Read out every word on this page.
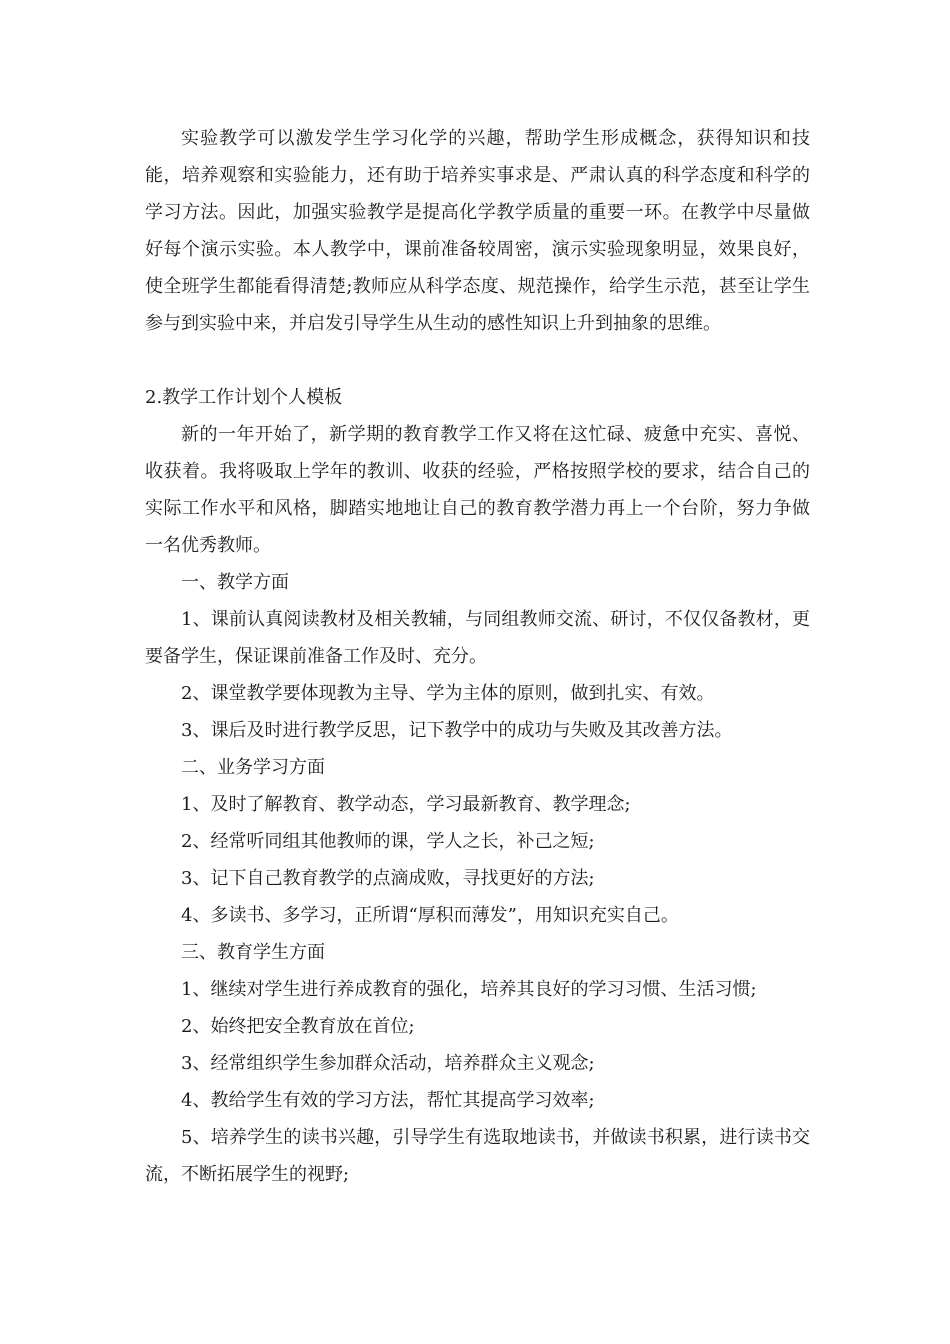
实验教学可以激发学生学习化学的兴趣，帮助学生形成概念，获得知识和技能，培养观察和实验能力，还有助于培养实事求是、严肃认真的科学态度和科学的学习方法。因此，加强实验教学是提高化学教学质量的重要一环。在教学中尽量做好每个演示实验。本人教学中，课前准备较周密，演示实验现象明显，效果良好，使全班学生都能看得清楚;教师应从科学态度、规范操作，给学生示范，甚至让学生参与到实验中来，并启发引导学生从生动的感性知识上升到抽象的思维。

2.教学工作计划个人模板

新的一年开始了，新学期的教育教学工作又将在这忙碌、疲惫中充实、喜悦、收获着。我将吸取上学年的教训、收获的经验，严格按照学校的要求，结合自己的实际工作水平和风格，脚踏实地地让自己的教育教学潜力再上一个台阶，努力争做一名优秀教师。

一、教学方面

1、课前认真阅读教材及相关教辅，与同组教师交流、研讨，不仅仅备教材，更要备学生，保证课前准备工作及时、充分。

2、课堂教学要体现教为主导、学为主体的原则，做到扎实、有效。

3、课后及时进行教学反思，记下教学中的成功与失败及其改善方法。

二、业务学习方面

1、及时了解教育、教学动态，学习最新教育、教学理念;

2、经常听同组其他教师的课，学人之长，补己之短;

3、记下自己教育教学的点滴成败，寻找更好的方法;

4、多读书、多学习，正所谓“厚积而薄发”，用知识充实自己。

三、教育学生方面

1、继续对学生进行养成教育的强化，培养其良好的学习习惯、生活习惯;

2、始终把安全教育放在首位;

3、经常组织学生参加群众活动，培养群众主义观念;

4、教给学生有效的学习方法，帮忙其提高学习效率;

5、培养学生的读书兴趣，引导学生有选取地读书，并做读书积累，进行读书交流，不断拓展学生的视野;
